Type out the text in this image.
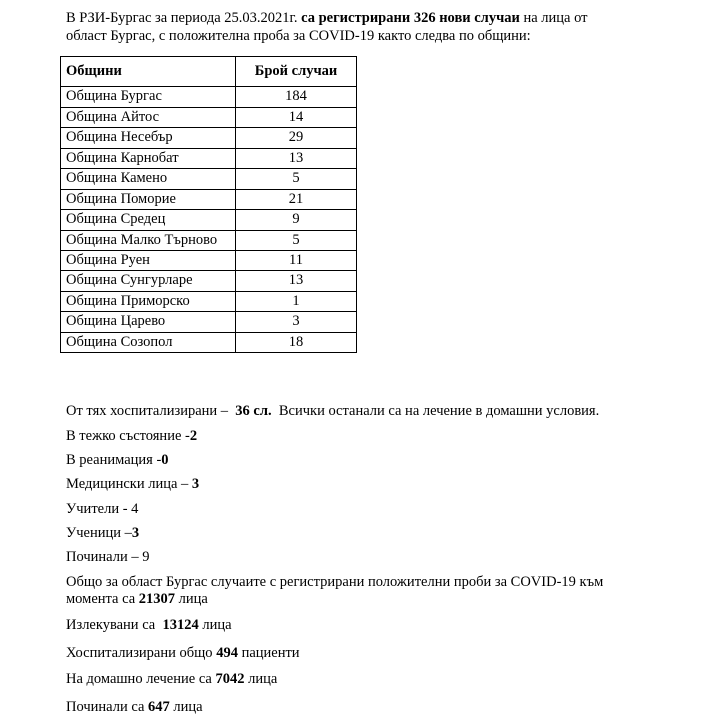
В РЗИ-Бургас за периода 25.03.2021г. са регистрирани 326 нови случаи на лица от
област Бургас, с положителна проба за COVID-19 както следва по общини:
Общини	Брой случаи
Община Бургас	184
Община Айтос	14
Община Несебър	29
Община Карнобат	13
Община Камено	5
Община Поморие	21
Община Средец	9
Община Малко Търново	5
Община Руен	11
Община Сунгурларе	13
Община Приморско	1
Община Царево	3
Община Созопол	18
От тях хоспитализирани – 36 сл. Всички останали са на лечение в домашни условия.
В тежко състояние -2
В реанимация -0
Медицински лица – 3
Учители - 4
Ученици –3
Починали – 9
Общо за област Бургас случаите с регистрирани положителни проби за COVID-19 към
момента са 21307 лица
Излекувани са 13124 лица
Хоспитализирани общо 494 пациенти
На домашно лечение са 7042 лица
Починали са 647 лица
